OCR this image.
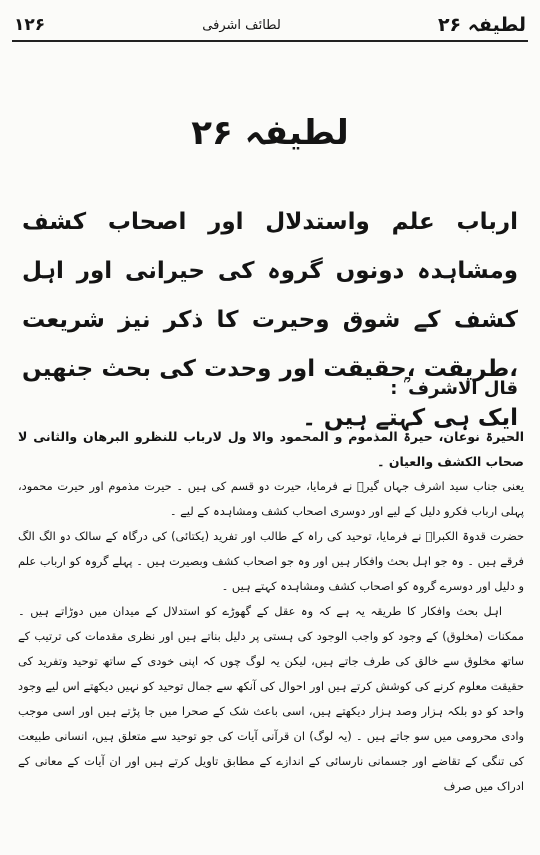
۱۲۶	لطائف اشرفی	لطیفہ ۲۶
لطیفہ ۲۶
ارباب علم واستدلال اور اصحاب کشف ومشاہدہ دونوں گروہ کی حیرانی اور اہل کشف کے شوق وحیرت کا ذکر نیز شریعت ،طریقت ،حقیقت اور وحدت کی بحث جنھیں ایک ہی کہتے ہیں ۔
قال الاشرف ؒ :

الحیرۃ نوعان، حیرۃ المذموم و المحمود والا ول لارباب للنظرو البرھان والثانی لا صحاب الکشف والعیان ۔

یعنی جناب سید اشرف جہاں گیرؒ نے فرمایا، حیرت دو قسم کی ہیں ۔ حیرت مذموم اور حیرت محمود، پہلی ارباب فکرو دلیل کے لیے اور دوسری اصحاب کشف ومشاہدہ کے لیے ۔

حضرت قدوۃ الکبراؒ نے فرمایا، توحید کی راہ کے طالب اور تفرید (یکتائی) کی درگاہ کے سالک دو الگ الگ فرقے ہیں ۔ وہ جو اہل بحث وافکار ہیں اور وہ جو اصحاب کشف وبصیرت ہیں ۔ پہلے گروہ کو ارباب علم و دلیل اور دوسرے گروہ کو اصحاب کشف ومشاہدہ کہتے ہیں ۔

اہل بحث وافکار کا طریقہ یہ ہے کہ وہ عقل کے گھوڑے کو استدلال کے میدان میں دوڑاتے ہیں ۔ ممکنات (مخلوق) کے وجود کو واجب الوجود کی ہستی پر دلیل بناتے ہیں اور نظری مقدمات کی ترتیب کے ساتھ مخلوق سے خالق کی طرف جاتے ہیں، لیکن یہ لوگ چوں کہ اپنی خودی کے ساتھ توحید وتفرید کی حقیقت معلوم کرنے کی کوشش کرتے ہیں اور احوال کی آنکھ سے جمال توحید کو نہیں دیکھتے اس لیے وجود واحد کو دو بلکہ ہزار وصد ہزار دیکھتے ہیں، اسی باعث شک کے صحرا میں جا پڑتے ہیں اور اسی موجب وادی محرومی میں سو جاتے ہیں ۔ (یہ لوگ) ان قرآنی آیات کی جو توحید سے متعلق ہیں، انسانی طبیعت کی تنگی کے تقاضے اور جسمانی نارسائی کے اندازے کے مطابق تاویل کرتے ہیں اور ان آیات کے معانی کے ادراک میں صرف
